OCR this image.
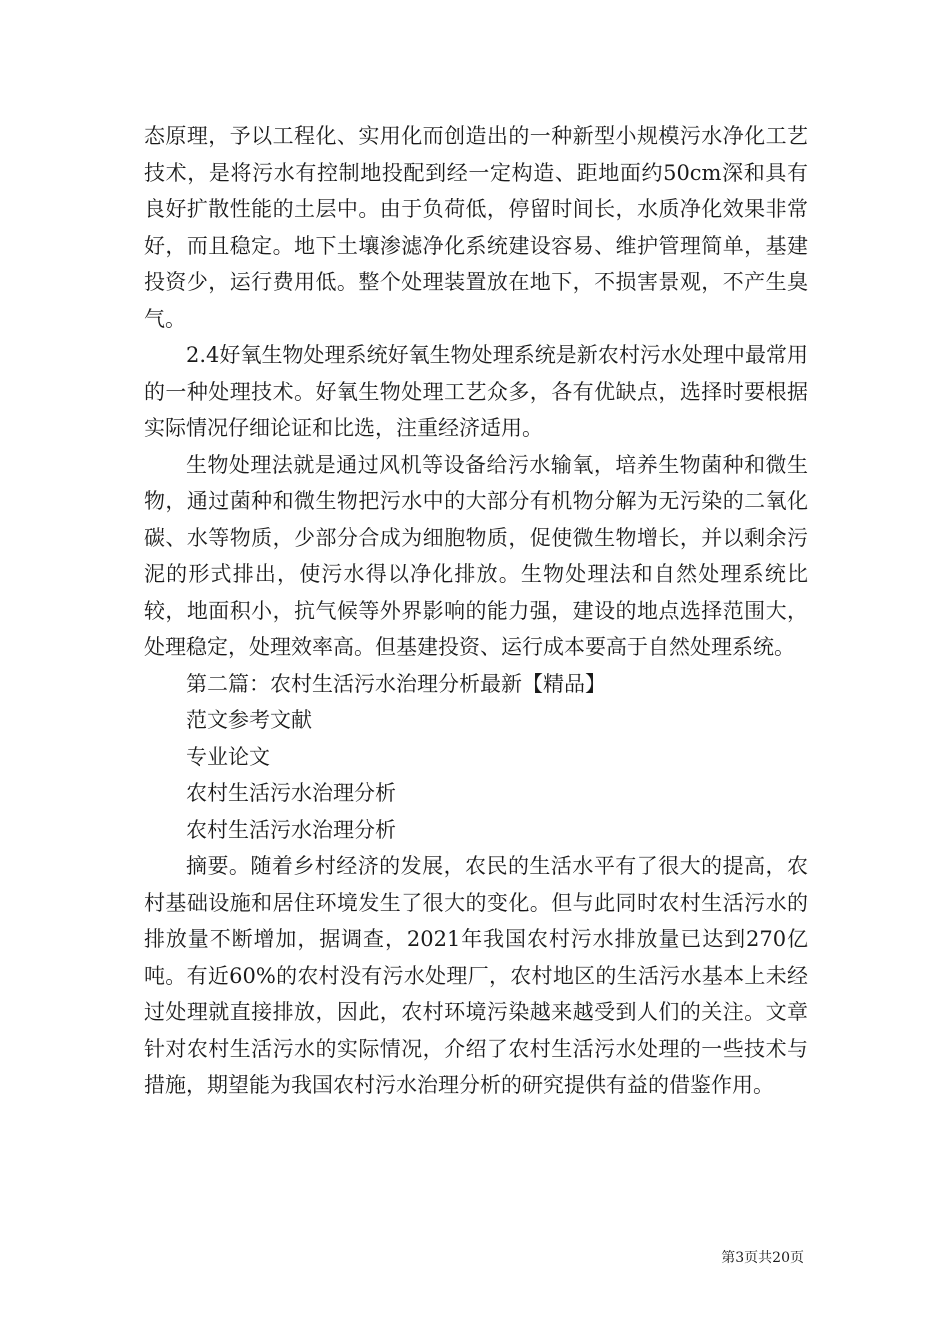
态原理，予以工程化、实用化而创造出的一种新型小规模污水净化工艺技术，是将污水有控制地投配到经一定构造、距地面约50cm深和具有良好扩散性能的土层中。由于负荷低，停留时间长，水质净化效果非常好，而且稳定。地下土壤渗滤净化系统建设容易、维护管理简单，基建投资少，运行费用低。整个处理装置放在地下，不损害景观，不产生臭气。

2.4好氧生物处理系统好氧生物处理系统是新农村污水处理中最常用的一种处理技术。好氧生物处理工艺众多，各有优缺点，选择时要根据实际情况仔细论证和比选，注重经济适用。

生物处理法就是通过风机等设备给污水输氧，培养生物菌种和微生物，通过菌种和微生物把污水中的大部分有机物分解为无污染的二氧化碳、水等物质，少部分合成为细胞物质，促使微生物增长，并以剩余污泥的形式排出，使污水得以净化排放。生物处理法和自然处理系统比较，地面积小，抗气候等外界影响的能力强，建设的地点选择范围大，处理稳定，处理效率高。但基建投资、运行成本要高于自然处理系统。

第二篇：农村生活污水治理分析最新【精品】

范文参考文献

专业论文

农村生活污水治理分析

农村生活污水治理分析

摘要。随着乡村经济的发展，农民的生活水平有了很大的提高，农村基础设施和居住环境发生了很大的变化。但与此同时农村生活污水的排放量不断增加，据调查，2021年我国农村污水排放量已达到270亿吨。有近60%的农村没有污水处理厂，农村地区的生活污水基本上未经过处理就直接排放，因此，农村环境污染越来越受到人们的关注。文章针对农村生活污水的实际情况，介绍了农村生活污水处理的一些技术与措施，期望能为我国农村污水治理分析的研究提供有益的借鉴作用。

第3页共20页
